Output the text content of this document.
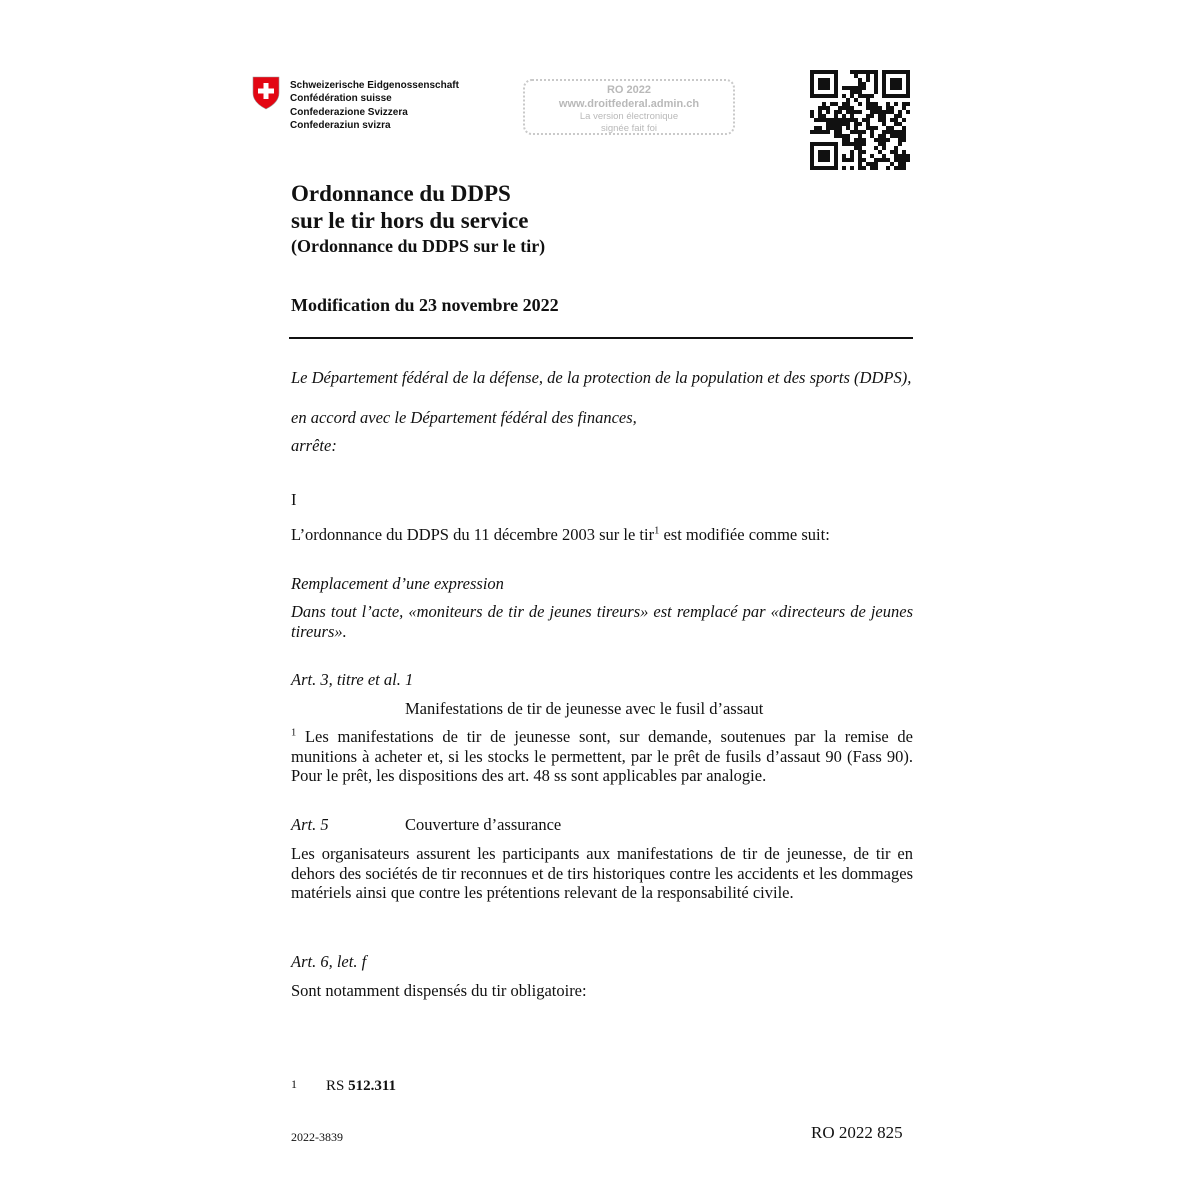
Schweizerische Eidgenossenschaft
Confédération suisse
Confederazione Svizzera
Confederaziun svizra
RO 2022
www.droitfederal.admin.ch
La version électronique
signée fait foi
Ordonnance du DDPS
sur le tir hors du service
(Ordonnance du DDPS sur le tir)
Modification du 23 novembre 2022
Le Département fédéral de la défense, de la protection de la population et des sports (DDPS),
en accord avec le Département fédéral des finances,
arrête:
I
L’ordonnance du DDPS du 11 décembre 2003 sur le tir$^1$ est modifiée comme suit:
Remplacement d’une expression
Dans tout l’acte, «moniteurs de tir de jeunes tireurs» est remplacé par «directeurs de jeunes tireurs».
Art. 3, titre et al. 1
Manifestations de tir de jeunesse avec le fusil d’assaut
$^1$ Les manifestations de tir de jeunesse sont, sur demande, soutenues par la remise de munitions à acheter et, si les stocks le permettent, par le prêt de fusils d’assaut 90 (Fass 90). Pour le prêt, les dispositions des art. 48 ss sont applicables par analogie.
Art. 5	Couverture d’assurance
Les organisateurs assurent les participants aux manifestations de tir de jeunesse, de tir en dehors des sociétés de tir reconnues et de tirs historiques contre les accidents et les dommages matériels ainsi que contre les prétentions relevant de la responsabilité civile.
Art. 6, let. f
Sont notamment dispensés du tir obligatoire:
1 RS 512.311
2022-3839	RO 2022 825
